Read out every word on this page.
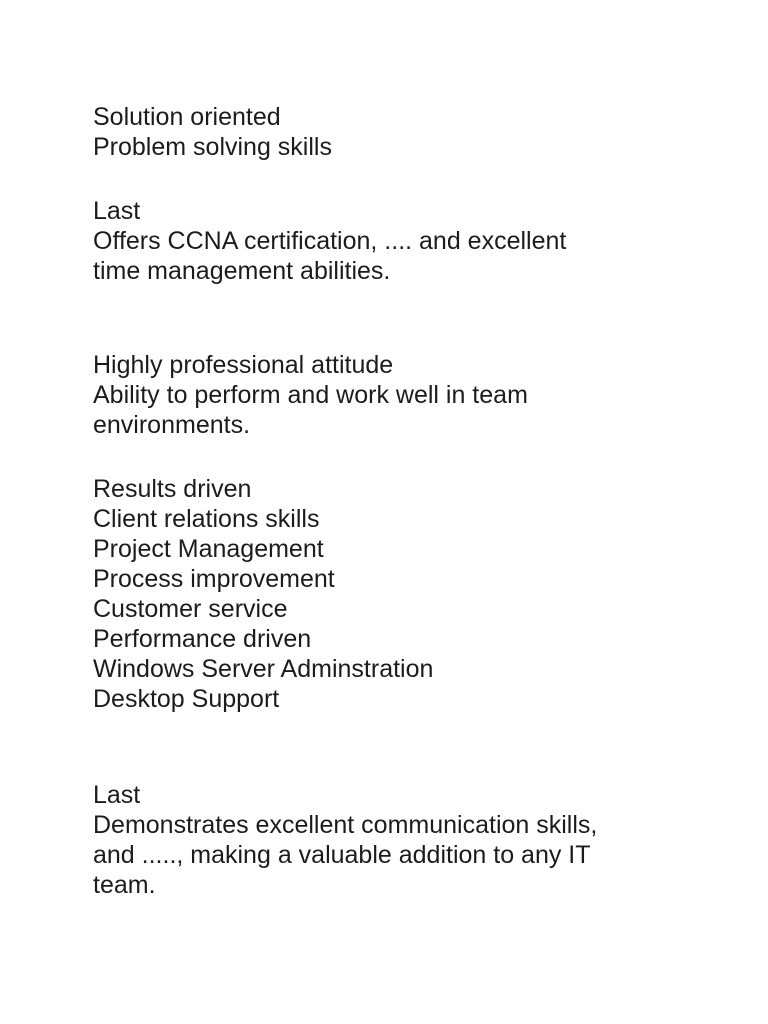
Solution oriented
Problem solving skills
Last
Offers CCNA certification, .... and excellent
time management abilities.
Highly professional attitude
Ability to perform and work well in team
environments.
Results driven
Client relations skills
Project Management
Process improvement
Customer service
Performance driven
Windows Server Adminstration
Desktop Support
Last
Demonstrates excellent communication skills,
and ....., making a valuable addition to any IT
team.
